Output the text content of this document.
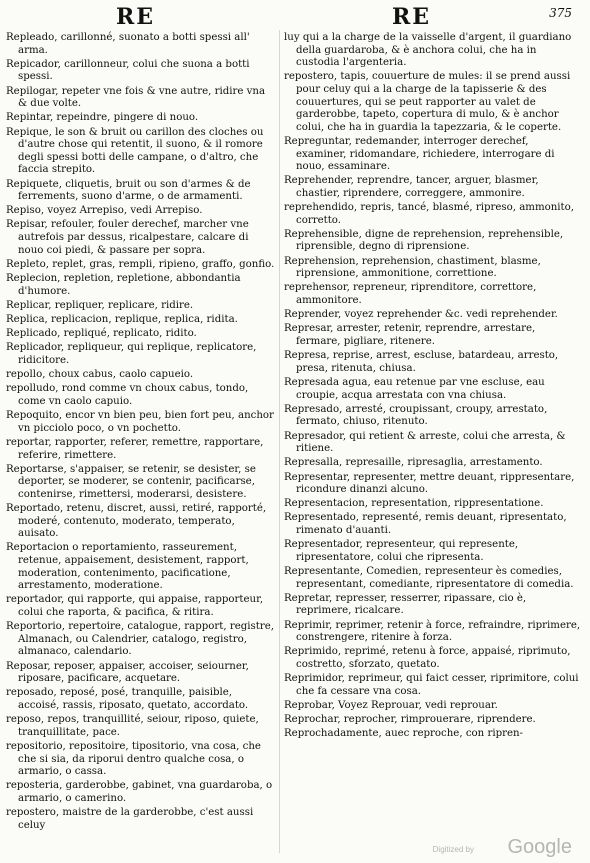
RE	RE	375
Repleado, carillonné, suonato a botti spessi all' arma.
Repicador, carillonneur, colui che suona a botti spessi.
Repilogar, repeter vne fois & vne autre, ridire vna & due volte.
Repintar, repeindre, pingere di nouo.
Repique, le son & bruit ou carillon des cloches ou d'autre chose qui retentit, il suono, & il romore degli spessi botti delle campane, o d'altro, che faccia strepito.
Repiquete, cliquetis, bruit ou son d'armes & de ferrements, suono d'arme, o de armamenti.
Repiso, voyez Arrepiso, vedi Arrepiso.
Repisar, refouler, fouler derechef, marcher vne autrefois par dessus, ricalpestare, calcare di nouo coi piedi, & passare per sopra.
Repleto, replet, gras, rempli, ripieno, graffo, gonfio.
Replecion, repletion, repletione, abbondantia d'humore.
Replicar, repliquer, replicare, ridire.
Replica, replicacion, replique, replica, ridita.
Replicado, repliqué, replicato, ridito.
Replicador, repliqueur, qui replique, replicatore, ridicitore.
repollo, choux cabus, caolo capueio.
repolludo, rond comme vn choux cabus, tondo, come vn caolo capuio.
Repoquito, encor vn bien peu, bien fort peu, anchor vn picciolo poco, o vn pochetto.
reportar, rapporter, referer, remettre, rapportare, referire, rimettere.
Reportarse, s'appaiser, se retenir, se desister, se deporter, se moderer, se contenir, pacificarse, contenirse, rimettersi, moderarsi, desistere.
Reportado, retenu, discret, aussi, retiré, rapporté, moderé, contenuto, moderato, temperato, auisato.
Reportacion o reportamiento, rasseurement, retenue, appaisement, desistement, rapport, moderation, contenimento, pacificatione, arrestamento, moderatione.
reportador, qui rapporte, qui appaise, rapporteur, colui che raporta, & pacifica, & ritira.
Reportorio, repertoire, catalogue, rapport, registre, Almanach, ou Calendrier, catalogo, registro, almanaco, calendario.
Reposar, reposer, appaiser, accoiser, seiourner, riposare, pacificare, acquetare.
reposado, reposé, posé, tranquille, paisible, accoisé, rassis, riposato, quetato, accordato.
reposo, repos, tranquillité, seiour, riposo, quiete, tranquillitate, pace.
repositorio, repositoire, tipositorio, vna cosa, che che si sia, da riporui dentro qualche cosa, o armario, o cassa.
reposteria, garderobbe, gabinet, vna guardaroba, o armario, o camerino.
repostero, maistre de la garderobbe, c'est aussi celuy
luy qui a la charge de la vaisselle d'argent, il guardiano della guardaroba, & è anchora colui, che ha in custodia l'argenteria.
repostero, tapis, couuerture de mules: il se prend aussi pour celuy qui a la charge de la tapisserie & des couuertures, qui se peut rapporter au valet de garderobbe, tapeto, copertura di mulo, & è anchor colui, che ha in guardia la tapezzaria, & le coperte.
Repreguntar, redemander, interroger derechef, examiner, ridomandare, richiedere, interrogare di nouo, essaminare.
Reprehender, reprendre, tancer, arguer, blasmer, chastier, riprendere, correggere, ammonire.
reprehendido, repris, tancé, blasmé, ripreso, ammonito, corretto.
Reprehensible, digne de reprehension, reprehensible, riprensible, degno di riprensione.
Reprehension, reprehension, chastiment, blasme, riprensione, ammonitione, correttione.
reprehensor, repreneur, riprenditore, correttore, ammonitore.
Reprender, voyez reprehender &c. vedi reprehender.
Represar, arrester, retenir, reprendre, arrestare, fermare, pigliare, ritenere.
Represa, reprise, arrest, escluse, batardeau, arresto, presa, ritenuta, chiusa.
Represada agua, eau retenue par vne escluse, eau croupie, acqua arrestata con vna chiusa.
Represado, arresté, croupissant, croupy, arrestato, fermato, chiuso, ritenuto.
Represador, qui retient & arreste, colui che arresta, & ritiene.
Represalla, represaille, ripresaglia, arrestamento.
Representar, representer, mettre deuant, rippresentare, ricondure dinanzi alcuno.
Representacion, representation, rippresentatione.
Representado, representé, remis deuant, ripresentato, rimenato d'auanti.
Representador, representeur, qui represente, ripresentatore, colui che ripresenta.
Representante, Comedien, representeur ès comedies, representant, comediante, ripresentatore di comedia.
Repretar, represser, resserrer, ripassare, cio è, reprimere, ricalcare.
Reprimir, reprimer, retenir à force, refraindre, riprimere, constrengere, ritenire à forza.
Reprimido, reprimé, retenu à force, appaisé, riprimuto, costretto, sforzato, quetato.
Reprimidor, reprimeur, qui faict cesser, riprimitore, colui che fa cessare vna cosa.
Reprobar, Voyez Reprouar, vedi reprouar.
Reprochar, reprocher, rimprouerare, riprendere.
Reprochadamente, auec reproche, con ripren-
Digitized by Google
